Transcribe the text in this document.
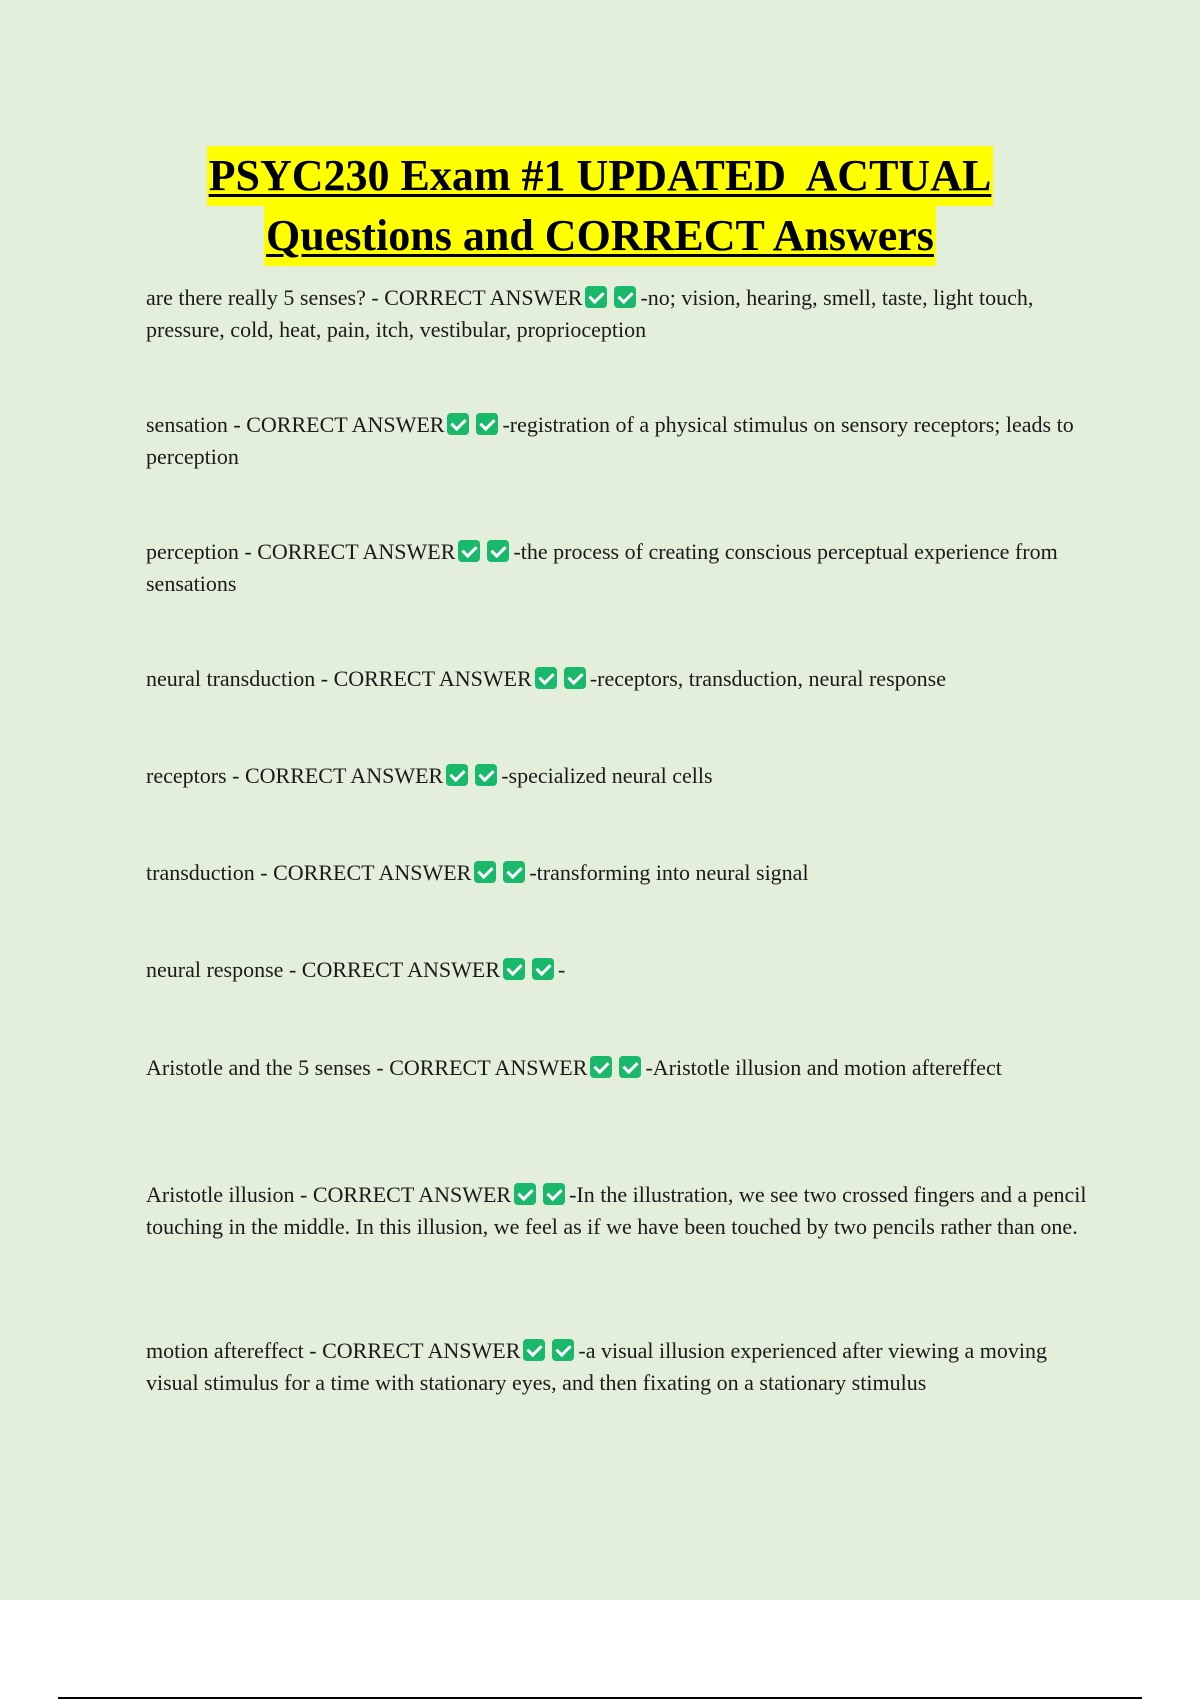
PSYC230 Exam #1 UPDATED  ACTUAL
Questions and CORRECT Answers
are there really 5 senses? - CORRECT ANSWER	-no; vision, hearing, smell, taste, light touch, pressure, cold, heat, pain, itch, vestibular, proprioception
sensation - CORRECT ANSWER	-registration of a physical stimulus on sensory receptors; leads to perception
perception - CORRECT ANSWER	-the process of creating conscious perceptual experience from sensations
neural transduction - CORRECT ANSWER	-receptors, transduction, neural response
receptors - CORRECT ANSWER	-specialized neural cells
transduction - CORRECT ANSWER	-transforming into neural signal
neural response - CORRECT ANSWER	-
Aristotle and the 5 senses - CORRECT ANSWER	-Aristotle illusion and motion aftereffect
Aristotle illusion - CORRECT ANSWER	-In the illustration, we see two crossed fingers and a pencil touching in the middle. In this illusion, we feel as if we have been touched by two pencils rather than one.
motion aftereffect - CORRECT ANSWER	-a visual illusion experienced after viewing a moving visual stimulus for a time with stationary eyes, and then fixating on a stationary stimulus
